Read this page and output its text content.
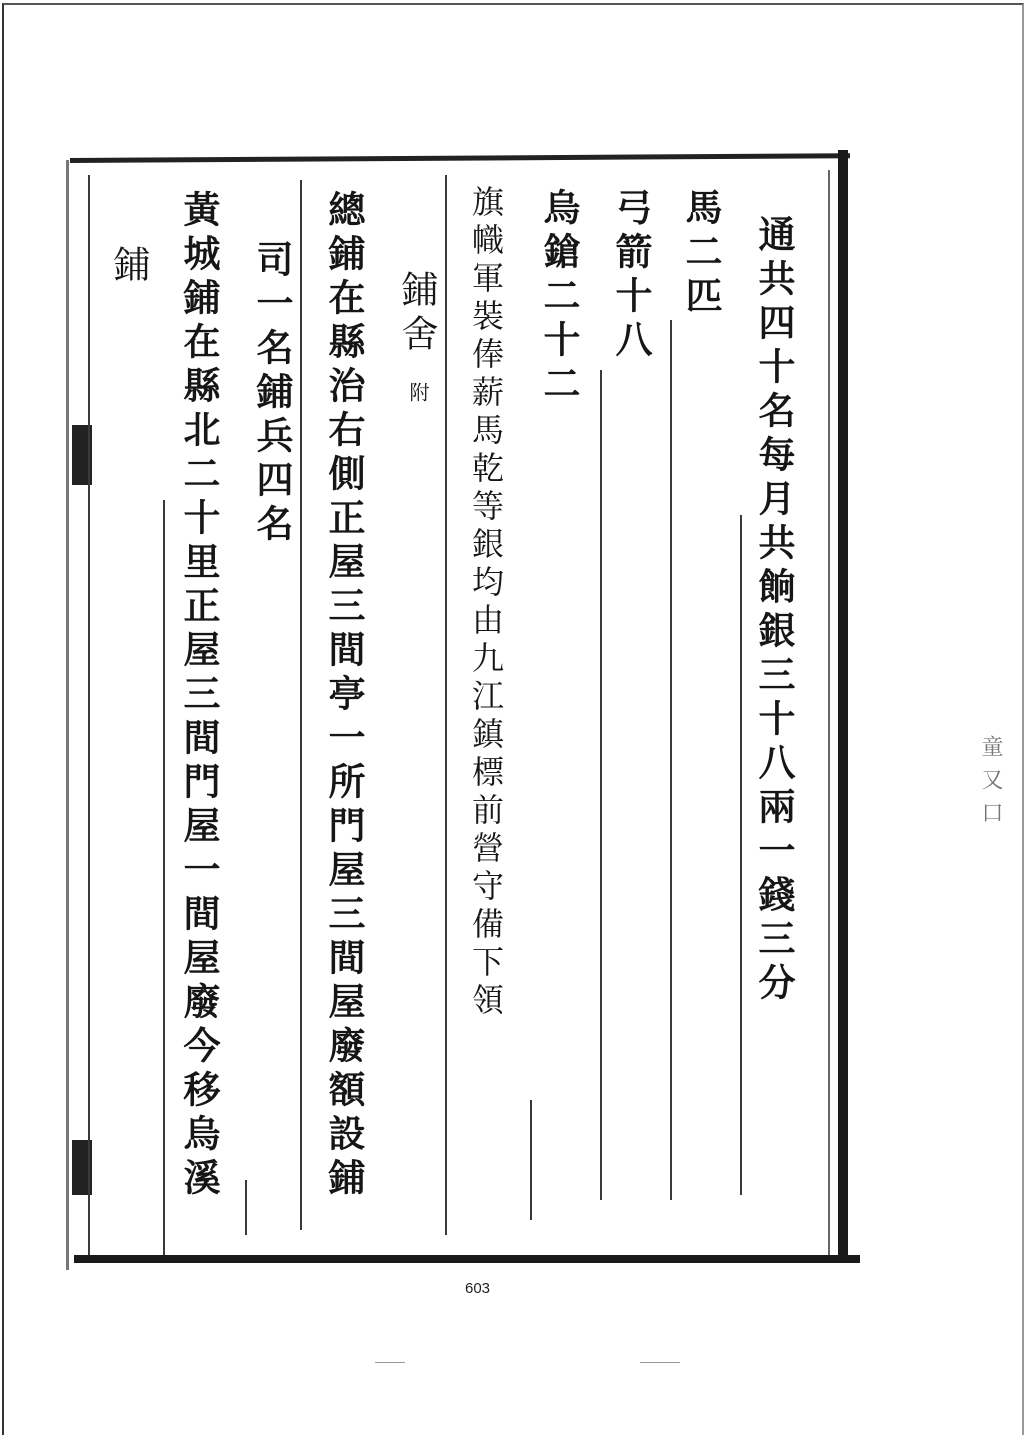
通共四十名每月共餉銀三十八兩一錢三分
馬二匹
弓箭十八
烏鎗二十二
旗幟軍裝俸薪馬乾等銀均由九江鎮標前營守備下領
鋪舍
附
總鋪在縣治右側正屋三間亭一所門屋三間屋廢額設鋪
司一名鋪兵四名
黃城鋪在縣北二十里正屋三間門屋一間屋廢今移烏溪
鋪
603
童 又 口
